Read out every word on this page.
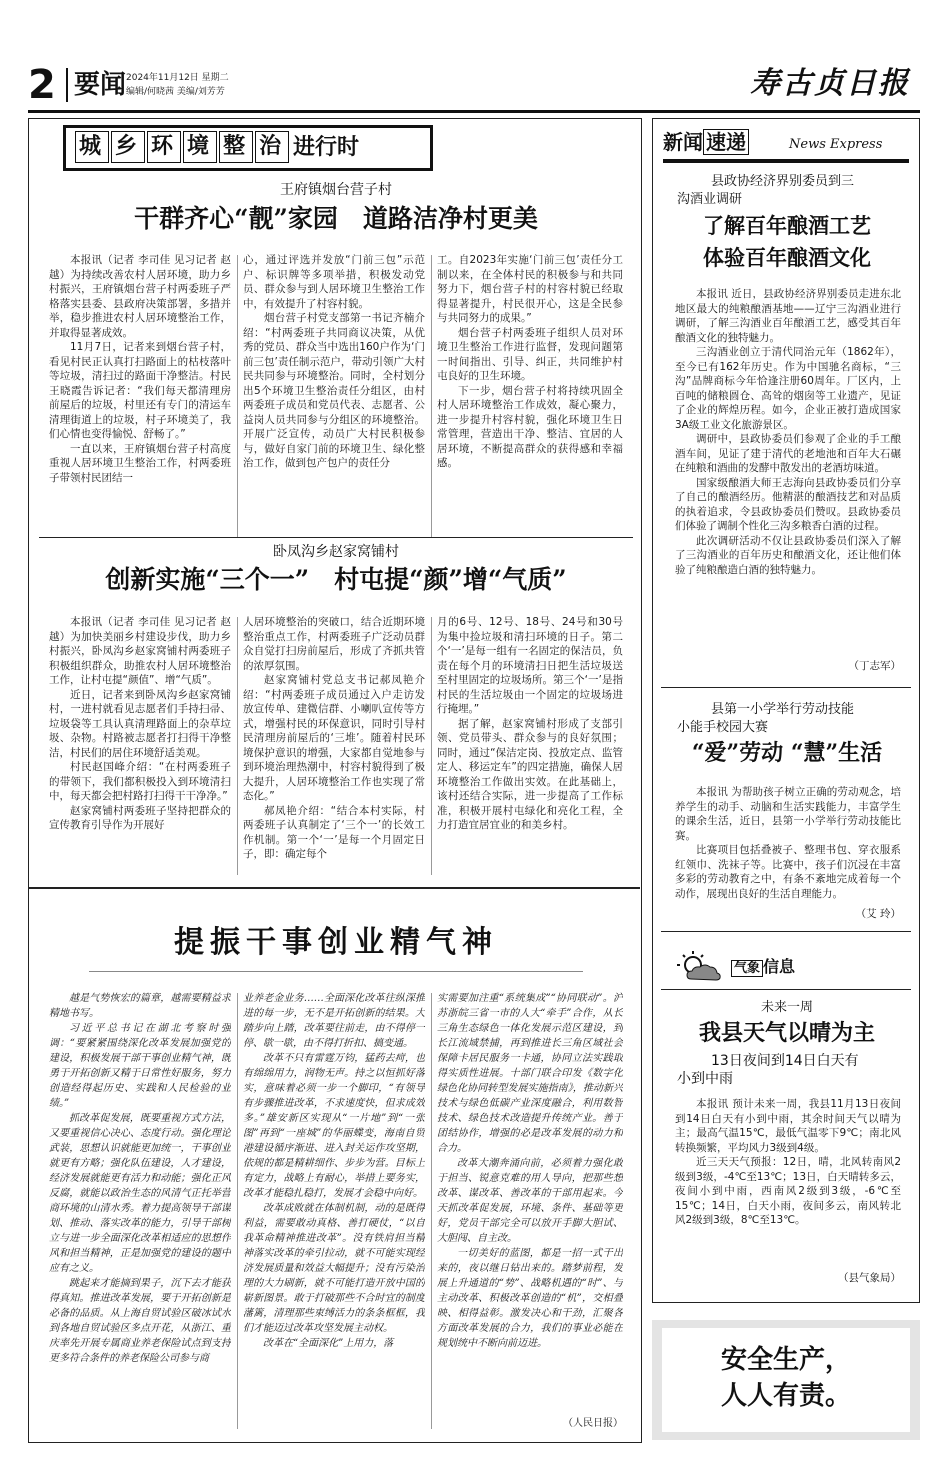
2 要闻 2024年11月12日 星期二
编辑/何晓茜 美编/刘芳芳	寿古贞日报
城 乡 环 境 整 治 进行时
王府镇烟台营子村
干群齐心“靓”家园　道路洁净村更美

本报讯（记者 李司佳 见习记者 赵 越）为持续改善农村人居环境，助力乡村振兴，王府镇烟台营子村两委班子严格落实县委、县政府决策部署，多措并举，稳步推进农村人居环境整治工作，并取得显著成效。

11月7日，记者来到烟台营子村，看见村民正认真打扫路面上的枯枝落叶等垃圾，清扫过的路面干净整洁。村民王晓霞告诉记者：“我们每天都清理房前屋后的垃圾，村里还有专门的清运车清理街道上的垃圾，村子环境美了，我们心情也变得愉悦、舒畅了。”

一直以来，王府镇烟台营子村高度重视人居环境卫生整治工作，村两委班子带领村民团结一

心，通过评选并发放“门前三包”示范户、标识牌等多项举措，积极发动党员、群众参与到人居环境卫生整治工作中，有效提升了村容村貌。

烟台营子村党支部第一书记齐楠介绍：“村两委班子共同商议决策，从优秀的党员、群众当中选出160户作为‘门前三包’责任制示范户，带动引领广大村民共同参与环境整治。同时，全村划分出5个环境卫生整治责任分组区，由村两委班子成员和党员代表、志愿者、公益岗人员共同参与分组区的环境整治。开展广泛宣传，动员广大村民积极参与，做好自家门前的环境卫生、绿化整治工作，做到包产包户的责任分

工。自2023年实施‘门前三包’责任分工制以来，在全体村民的积极参与和共同努力下，烟台营子村的村容村貌已经取得显著提升，村民很开心，这是全民参与共同努力的成果。”

烟台营子村两委班子组织人员对环境卫生整治工作进行监督，发现问题第一时间指出、引导、纠正，共同维护村屯良好的卫生环境。

下一步，烟台营子村将持续巩固全村人居环境整治工作成效，凝心聚力，进一步提升村容村貌，强化环境卫生日常管理，营造出干净、整洁、宜居的人居环境，不断提高群众的获得感和幸福感。

卧凤沟乡赵家窝铺村
创新实施“三个一”　村屯提“颜”增“气质”

本报讯（记者 李司佳 见习记者 赵 越）为加快美丽乡村建设步伐，助力乡村振兴，卧凤沟乡赵家窝铺村两委班子积极组织群众，助推农村人居环境整治工作，让村屯提“颜值”、增“气质”。

近日，记者来到卧凤沟乡赵家窝铺村，一进村就看见志愿者们手持扫帚、垃圾袋等工具认真清理路面上的杂草垃圾、杂物。村路被志愿者打扫得干净整洁，村民们的居住环境舒适美观。

村民赵国峰介绍：“在村两委班子的带领下，我们都积极投入到环境清扫中，每天都会把村路打扫得干干净净。”

赵家窝铺村两委班子坚持把群众的宣传教育引导作为开展好

人居环境整治的突破口，结合近期环境整治重点工作，村两委班子广泛动员群众自觉打扫房前屋后，形成了齐抓共管的浓厚氛围。

赵家窝铺村党总支书记郝凤艳介绍：“村两委班子成员通过入户走访发放宣传单、建微信群、小喇叭宣传等方式，增强村民的环保意识，同时引导村民清理房前屋后的‘三堆’。随着村民环境保护意识的增强，大家都自觉地参与到环境治理热潮中，村容村貌得到了极大提升，人居环境整治工作也实现了常态化。”

郝凤艳介绍：“结合本村实际，村两委班子认真制定了‘三个一’的长效工作机制。第一个‘一’是每一个月固定日子，即：确定每个

月的6号、12号、18号、24号和30号为集中捡垃圾和清扫环境的日子。第二个‘一’是每一组有一名固定的保洁员，负责在每个月的环境清扫日把生活垃圾送至村里固定的垃圾场所。第三个‘一’是指村民的生活垃圾由一个固定的垃圾场进行掩埋。”

据了解，赵家窝铺村形成了支部引领、党员带头、群众参与的良好氛围；同时，通过“保洁定岗、投放定点、监管定人、移运定车”的四定措施，确保人居环境整治工作做出实效。在此基础上，该村还结合实际，进一步提高了工作标准，积极开展村屯绿化和亮化工程，全力打造宜居宜业的和美乡村。

提振干事创业精气神

越是气势恢宏的篇章，越需要精益求精地书写。

习近平总书记在湖北考察时强调：“要紧紧围绕深化改革发展加强党的建设，积极发展干部干事创业精气神，既勇于开拓创新又精于日常性好服务，努力创造经得起历史、实践和人民检验的业绩。”

抓改革促发展，既要重视方式方法，又要重视信心决心、态度行动。强化理论武装，思想认识就能更加统一，干事创业就更有方略；强化队伍建设，人才建设，经济发展就能更有活力和动能；强化正风反腐，就能以政治生态的风清气正托举营商环境的山清水秀。着力提高领导干部谋划、推动、落实改革的能力，引导干部树立与进一步全面深化改革相适应的思想作风和担当精神，正是加强党的建设的题中应有之义。

跳起来才能摘到果子，沉下去才能获得真知。推进改革发展，要于开拓创新是必备的品质。从上海自贸试验区破冰试水到各地自贸试验区多点开花，从浙江、重庆率先开展专属商业养老保险试点到支持更多符合条件的养老保险公司参与商

业养老金业务……全面深化改革往纵深推进的每一步，无不是开拓创新的结果。大踏步向上踏，改革要往前走，由不得停一停、歇一歇，由不得打折扣、搞变通。

改革不只有雷霆万钧，猛药去疴，也有绵绵用力，润物无声。持之以恒抓好落实，意味着必须一步一个脚印，“有领导有步骤推进改革，不求速度快，但求成效多。”雄安新区实现从“一片地”到“一张图”再到“一座城”的华丽蝶变，海南自贸港建设循序渐进、进入封关运作攻坚期，依规的都是精耕细作、步步为营。目标上有定力，战略上有耐心，举措上要务实，改革才能稳扎稳打，发展才会稳中向好。

改革成败就在体制机制，动的是既得利益，需要敢动真格、善打硬仗，“以自我革命精神推进改革”。没有铁肩担当精神落实改革的牵引拉动，就不可能实现经济发展质量和效益大幅提升；没有污染治理的大力刷新，就不可能打造开放中国的崭新图景。敢于打破那些不合时宜的制度藩篱，清理那些束缚活力的条条框框，我们才能迈过改革攻坚发展主动权。

改革在“全面深化”上用力，落

实需要加注重“系统集成”“协同联动”。沪苏浙皖三省一市的人大“牵手”合作，从长三角生态绿色一体化发展示范区建设，到长江流域禁捕，再到推进长三角区域社会保障卡居民服务一卡通，协同立法实践取得实质性进展。十部门联合印发《数字化绿色化协同转型发展实施指南》，推动新兴技术与绿色低碳产业深度融合，利用数智技术、绿色技术改造提升传统产业。善于团结协作，增强的必是改革发展的动力和合力。

改革大潮奔涌向前，必须着力强化敢于担当、锐意克难的用人导向，把那些想改革、谋改革、善改革的干部用起来。今天抓改革促发展，环境、条件、基础等更好，党员干部完全可以放开手脚大胆试、大胆闯、自主改。

一切美好的蓝图，都是一招一式干出来的，夜以继日钻出来的。踏梦前程，发展上升通道的“势”、战略机遇的“时”、与主动改革、积极改革创造的“机”，交相叠映、相得益彰。激发决心和干劲，汇聚各方面改革发展的合力，我们的事业必能在规划统中不断向前迈进。

（人民日报）
新闻 速递	News Express
县政协经济界别委员到三
沟酒业调研
了解百年酿酒工艺
体验百年酿酒文化

本报讯 近日，县政协经济界别委员走进东北地区最大的纯粮酿酒基地——辽宁三沟酒业进行调研，了解三沟酒业百年酿酒工艺，感受其百年酿酒文化的独特魅力。

三沟酒业创立于清代同治元年（1862年），至今已有162年历史。作为中国驰名商标，“三沟”品牌商标今年恰逢注册60周年。厂区内，上百吨的储粮圆仓、高耸的烟囱等工业遗产，见证了企业的辉煌历程。如今，企业正被打造成国家3A级工业文化旅游景区。

调研中，县政协委员们参观了企业的手工酿酒车间，见证了建于清代的老地池和百年大石碾在纯粮和酒曲的发酵中散发出的老酒坊味道。

国家级酿酒大师王志海向县政协委员们分享了自己的酿酒经历。他精湛的酿酒技艺和对品质的执着追求，令县政协委员们赞叹。县政协委员们体验了调制个性化三沟多粮香白酒的过程。

此次调研活动不仅让县政协委员们深入了解了三沟酒业的百年历史和酿酒文化，还让他们体验了纯粮酿造白酒的独特魅力。

（丁志军）
县第一小学举行劳动技能
小能手校园大赛
“爱”劳动 “慧”生活

本报讯 为帮助孩子树立正确的劳动观念，培养学生的动手、动脑和生活实践能力，丰富学生的课余生活，近日，县第一小学举行劳动技能比赛。

比赛项目包括叠被子、整理书包、穿衣服系红领巾、洗袜子等。比赛中，孩子们沉浸在丰富多彩的劳动教育之中，有条不紊地完成着每一个动作，展现出良好的生活自理能力。

（艾 玲）
气象 信息
未来一周
我县天气以晴为主
13日夜间到14日白天有
小到中雨

本报讯 预计未来一周，我县11月13日夜间到14日白天有小到中雨，其余时间天气以晴为主；最高气温15℃，最低气温零下9℃；南北风转换频繁，平均风力3级到4级。

近三天天气预报：12日，晴，北风转南风2级到3级，-4℃至13℃；13日，白天晴转多云，夜间小到中雨，西南风2级到3级，-6℃至15℃；14日，白天小雨，夜间多云，南风转北风2级到3级，8℃至13℃。

（县气象局）
安全生产，
人人有责。
